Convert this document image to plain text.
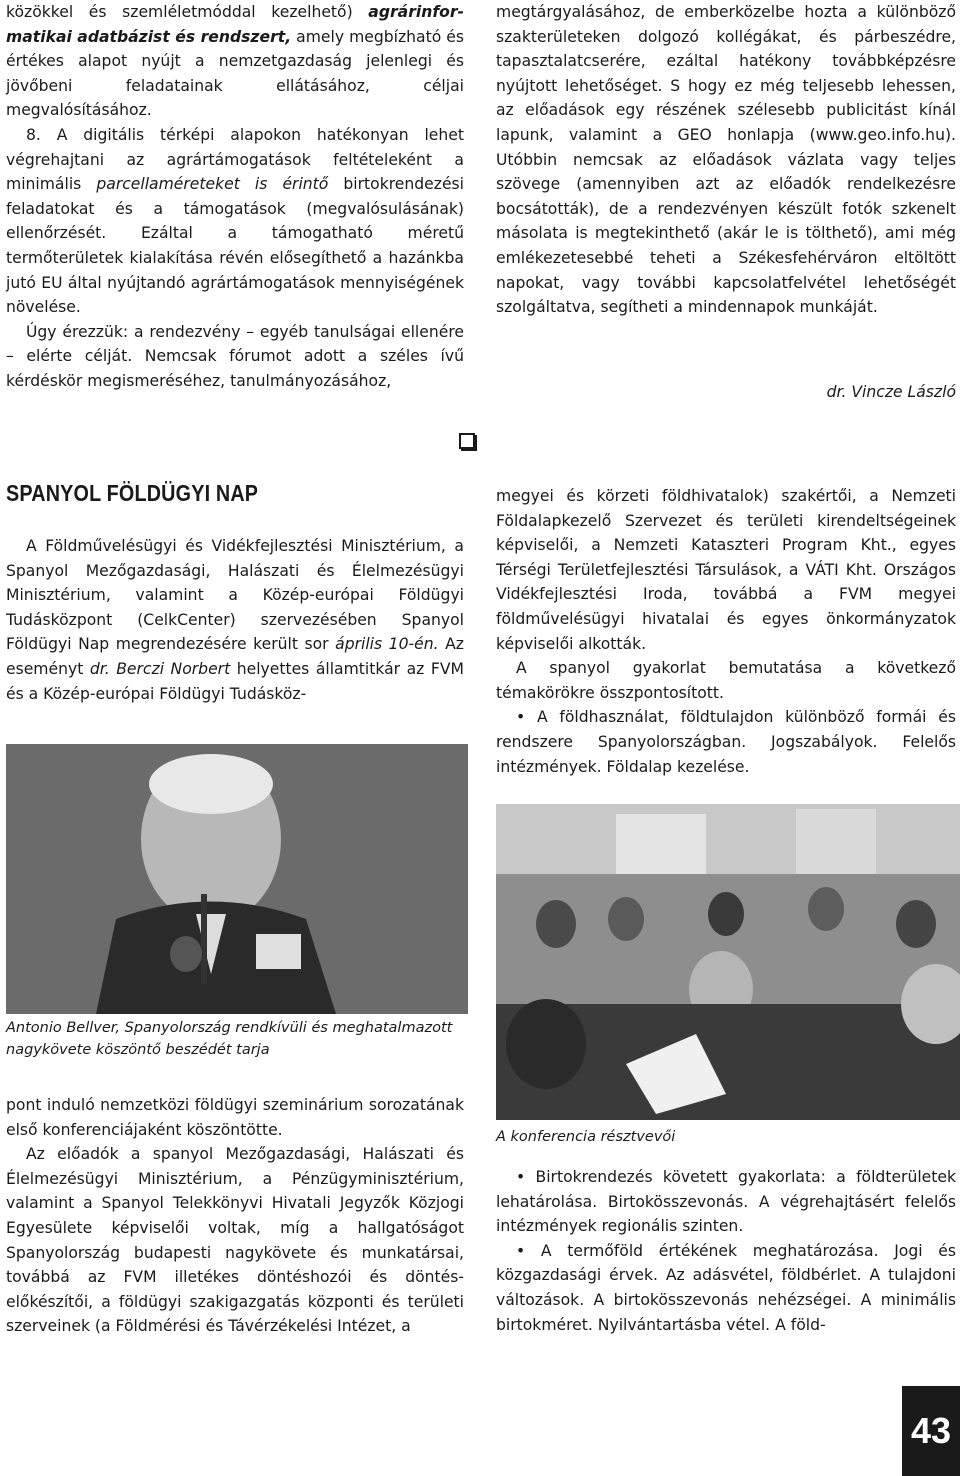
közökkel és szemléletmóddal kezelhető) agrárinfor-matikai adatbázist és rendszert, amely megbízható és értékes alapot nyújt a nemzetgazdaság jelenlegi és jövőbeni feladatainak ellátásához, céljai megvalósításához.

8. A digitális térképi alapokon hatékonyan lehet végrehajtani az agrártámogatások feltételeként a minimális parcellaméreteket is érintő birtokrendezési feladatokat és a támogatások (megvalósulásának) ellenőrzését. Ezáltal a támogatható méretű termőterületek kialakítása révén elősegíthető a hazánkba jutó EU által nyújtandó agrártámogatások mennyiségének növelése.

Úgy érezzük: a rendezvény – egyéb tanulságai ellenére – elérte célját. Nemcsak fórumot adott a széles ívű kérdéskör megismeréséhez, tanulmányozásához,

megtárgyalásához, de emberközelbe hozta a különböző szakterületeken dolgozó kollégákat, és párbeszédre, tapasztalatcserére, ezáltal hatékony továbbképzésre nyújtott lehetőséget. S hogy ez még teljesebb lehessen, az előadások egy részének szélesebb publicitást kínál lapunk, valamint a GEO honlapja (www.geo.info.hu). Utóbbin nemcsak az előadások vázlata vagy teljes szövege (amennyiben azt az előadók rendelkezésre bocsátották), de a rendezvényen készült fotók szkenelt másolata is megtekinthető (akár le is tölthető), ami még emlékezetesebbé teheti a Székesfehérváron eltöltött napokat, vagy további kapcsolatfelvétel lehetőségét szolgáltatva, segítheti a mindennapok munkáját.

dr. Vincze László
SPANYOL FÖLDÜGYI NAP

A Földművelésügyi és Vidékfejlesztési Minisztérium, a Spanyol Mezőgazdasági, Halászati és Élelmezésügyi Minisztérium, valamint a Közép-európai Földügyi Tudásközpont (CelkCenter) szervezésében Spanyol Földügyi Nap megrendezésére került sor április 10-én. Az eseményt dr. Berczi Norbert helyettes államtitkár az FVM és a Közép-európai Földügyi Tudásköz-

megyei és körzeti földhivatalok) szakértői, a Nemzeti Földalapkezelő Szervezet és területi kirendeltségeinek képviselői, a Nemzeti Kataszteri Program Kht., egyes Térségi Területfejlesztési Társulások, a VÁTI Kht. Országos Vidékfejlesztési Iroda, továbbá a FVM megyei földművelésügyi hivatalai és egyes önkormányzatok képviselői alkották.

A spanyol gyakorlat bemutatása a következő témakörökre összpontosított.

• A földhasználat, földtulajdon különböző formái és rendszere Spanyolországban. Jogszabályok. Felelős intézmények. Földalap kezelése.

Antonio Bellver, Spanyolország rendkívüli és meghatalmazott nagykövete köszöntő beszédét tarja
A konferencia résztvevői

pont induló nemzetközi földügyi szeminárium sorozatának első konferenciájaként köszöntötte.

Az előadók a spanyol Mezőgazdasági, Halászati és Élelmezésügyi Minisztérium, a Pénzügyminisztérium, valamint a Spanyol Telekkönyvi Hivatali Jegyzők Közjogi Egyesülete képviselői voltak, míg a hallgatóságot Spanyolország budapesti nagykövete és munkatársai, továbbá az FVM illetékes döntéshozói és döntés-előkészítői, a földügyi szakigazgatás központi és területi szerveinek (a Földmérési és Távérzékelési Intézet, a

• Birtokrendezés követett gyakorlata: a földterületek lehatárolása. Birtokösszevonás. A végrehajtásért felelős intézmények regionális szinten.

• A termőföld értékének meghatározása. Jogi és közgazdasági érvek. Az adásvétel, földbérlet. A tulajdoni változások. A birtokösszevonás nehézségei. A minimális birtokméret. Nyilvántartásba vétel. A föld-

43
